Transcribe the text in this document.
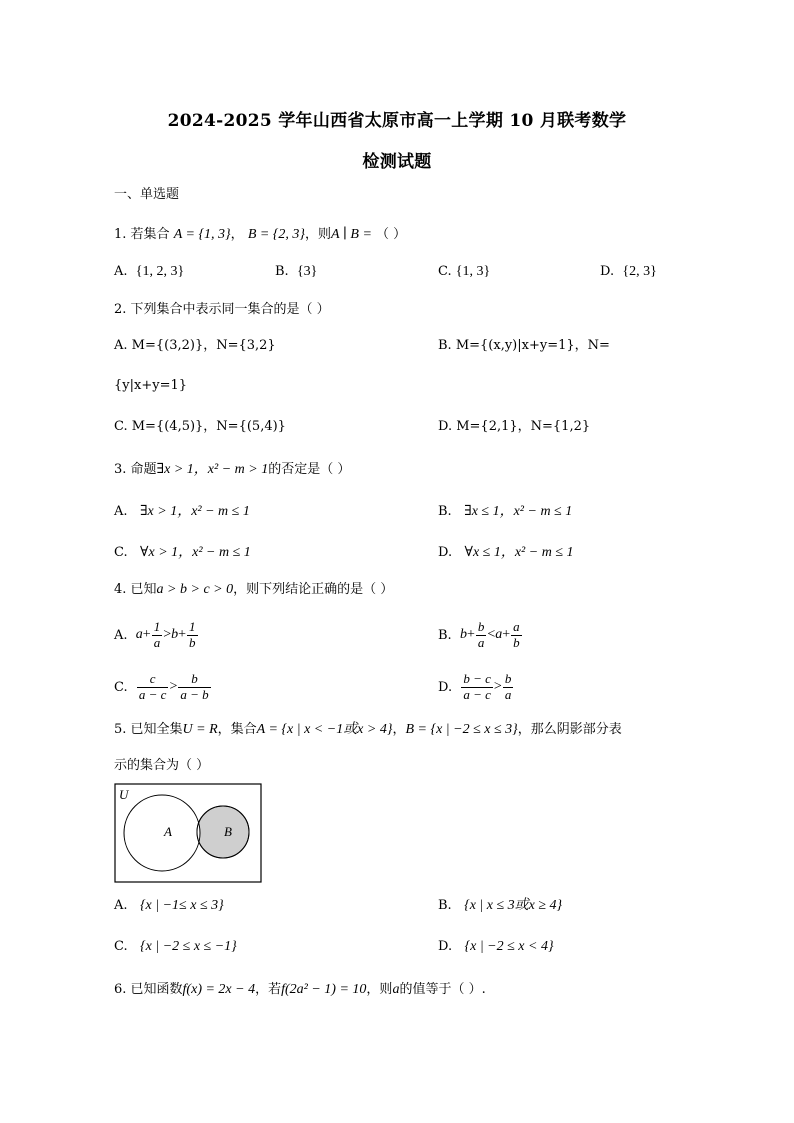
2024-2025 学年山西省太原市高一上学期 10 月联考数学
检测试题
一、单选题
1. 若集合 A = {1, 3}， B = {2, 3}，则A ∣ B = （ ）
A. {1, 2, 3}	B. {3}	C. {1, 3}	D. {2, 3}
2. 下列集合中表示同一集合的是（ ）
A. M={(3,2)}，N={3,2}	B. M={(x,y)|x+y=1}，N=
{y|x+y=1}
C. M={(4,5)}，N={(5,4)}	D. M={2,1}，N={1,2}
3. 命题∃x > 1，x² − m > 1的否定是（ ）
A. ∃x > 1，x² − m ≤ 1	B. ∃x ≤ 1，x² − m ≤ 1
C. ∀x > 1，x² − m ≤ 1	D. ∀x ≤ 1，x² − m ≤ 1
4. 已知a > b > c > 0，则下列结论正确的是（ ）
A.
$a + \frac{1}{a} > b + \frac{1}{b}$	B.
$b + \frac{b}{a} < a + \frac{a}{b}$
C.
$\frac{c}{a - c} > \frac{b}{a - b}$	D.
$\frac{b - c}{a - c} > \frac{b}{a}$
5. 已知全集U = R，集合A = {x | x < −1或x > 4}，B = {x | −2 ≤ x ≤ 3}，那么阴影部分表
示的集合为（ ）
U
A	B
A. {x | −1≤ x ≤ 3}	B. {x | x ≤ 3或x ≥ 4}
C. {x | −2 ≤ x ≤ −1}	D. {x | −2 ≤ x < 4}
6. 已知函数f(x) = 2x − 4，若f(2a² − 1) = 10，则a的值等于（ ）.
